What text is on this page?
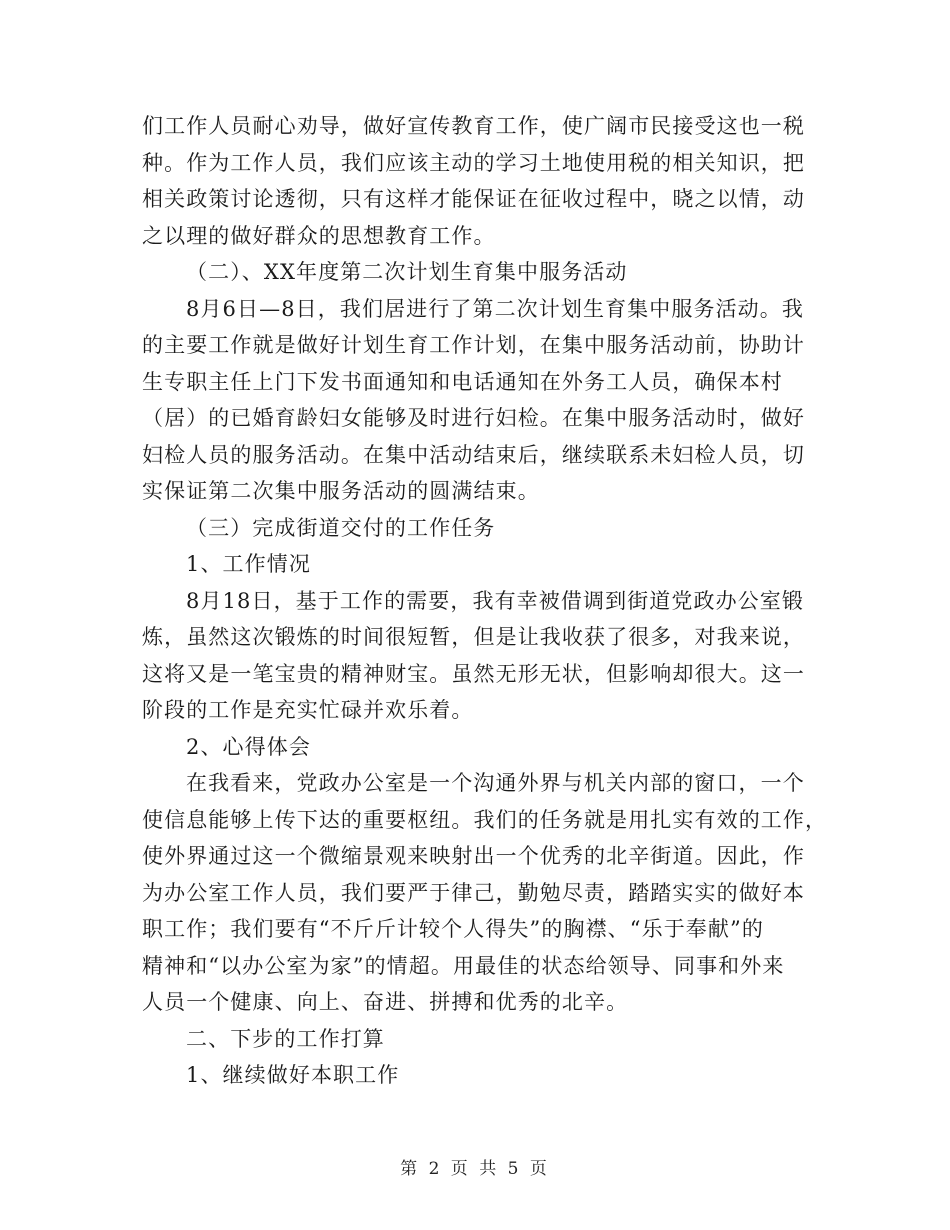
们工作人员耐心劝导，做好宣传教育工作，使广阔市民接受这也一税
种。作为工作人员，我们应该主动的学习土地使用税的相关知识，把
相关政策讨论透彻，只有这样才能保证在征收过程中，晓之以情，动
之以理的做好群众的思想教育工作。
（二）、XX年度第二次计划生育集中服务活动
8月6日—8日，我们居进行了第二次计划生育集中服务活动。我
的主要工作就是做好计划生育工作计划，在集中服务活动前，协助计
生专职主任上门下发书面通知和电话通知在外务工人员，确保本村
（居）的已婚育龄妇女能够及时进行妇检。在集中服务活动时，做好
妇检人员的服务活动。在集中活动结束后，继续联系未妇检人员，切
实保证第二次集中服务活动的圆满结束。
（三）完成街道交付的工作任务
1、工作情况
8月18日，基于工作的需要，我有幸被借调到街道党政办公室锻
炼，虽然这次锻炼的时间很短暂，但是让我收获了很多，对我来说，
这将又是一笔宝贵的精神财宝。虽然无形无状，但影响却很大。这一
阶段的工作是充实忙碌并欢乐着。
2、心得体会
在我看来，党政办公室是一个沟通外界与机关内部的窗口，一个
使信息能够上传下达的重要枢纽。我们的任务就是用扎实有效的工作，
使外界通过这一个微缩景观来映射出一个优秀的北辛街道。因此，作
为办公室工作人员，我们要严于律己，勤勉尽责，踏踏实实的做好本
职工作；我们要有“不斤斤计较个人得失”的胸襟、“乐于奉献”的
精神和“以办公室为家”的情超。用最佳的状态给领导、同事和外来
人员一个健康、向上、奋进、拼搏和优秀的北辛。
二、下步的工作打算
1、继续做好本职工作
第 2 页 共 5 页
